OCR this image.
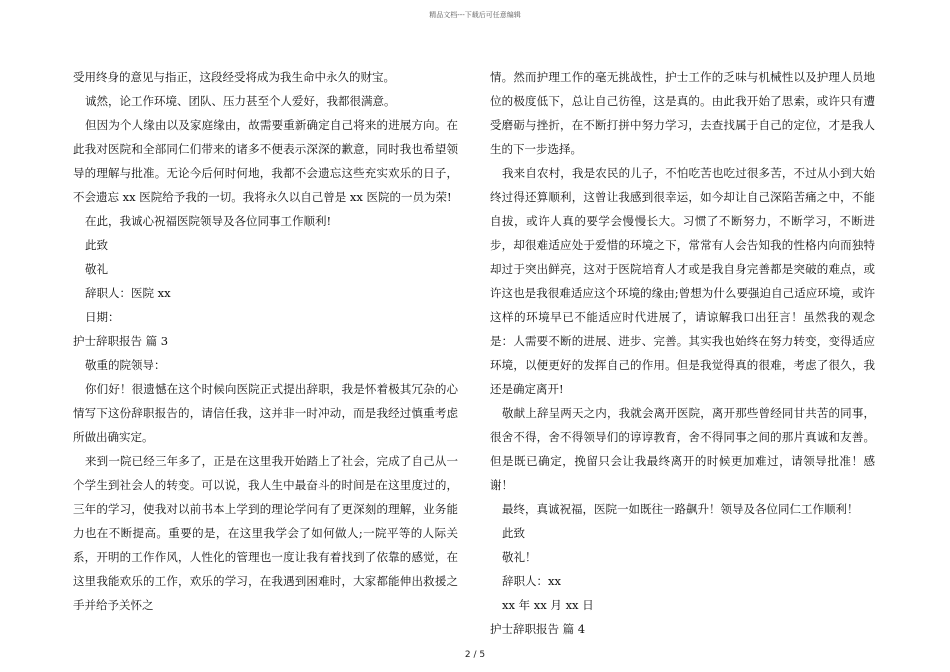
精品文档---下载后可任意编辑

受用终身的意见与指正，这段经受将成为我生命中永久的财宝。

诚然，论工作环境、团队、压力甚至个人爱好，我都很满意。

但因为个人缘由以及家庭缘由，故需要重新确定自己将来的进展方向。在此我对医院和全部同仁们带来的诸多不便表示深深的歉意，同时我也希望领导的理解与批准。无论今后何时何地，我都不会遗忘这些充实欢乐的日子，不会遗忘 xx 医院给予我的一切。我将永久以自己曾是 xx 医院的一员为荣!

在此，我诚心祝福医院领导及各位同事工作顺利!

此致

敬礼

辞职人：医院 xx

日期：

护士辞职报告 篇 3

敬重的院领导：

你们好！很遗憾在这个时候向医院正式提出辞职，我是怀着极其冗杂的心情写下这份辞职报告的，请信任我，这并非一时冲动，而是我经过慎重考虑所做出确实定。

来到一院已经三年多了，正是在这里我开始踏上了社会，完成了自己从一个学生到社会人的转变。可以说，我人生中最奋斗的时间是在这里度过的，三年的学习，使我对以前书本上学到的理论学问有了更深刻的理解，业务能力也在不断提高。重要的是，在这里我学会了如何做人;一院平等的人际关系，开明的工作作风，人性化的管理也一度让我有着找到了依靠的感觉，在这里我能欢乐的工作，欢乐的学习，在我遇到困难时，大家都能伸出救援之手并给予关怀之

情。然而护理工作的毫无挑战性，护士工作的乏味与机械性以及护理人员地位的极度低下，总让自己彷徨，这是真的。由此我开始了思索，或许只有遭受磨砺与挫折，在不断打拼中努力学习，去查找属于自己的定位，才是我人生的下一步选择。

我来自农村，我是农民的儿子，不怕吃苦也吃过很多苦，不过从小到大始终过得还算顺利，这曾让我感到很幸运，如今却让自己深陷苦痛之中，不能自拔，或许人真的要学会慢慢长大。习惯了不断努力，不断学习，不断进步，却很难适应处于爱惜的环境之下，常常有人会告知我的性格内向而独特却过于突出鲜亮，这对于医院培育人才或是我自身完善都是突破的难点，或许这也是我很难适应这个环境的缘由;曾想为什么要强迫自己适应环境，或许这样的环境早已不能适应时代进展了，请谅解我口出狂言！虽然我的观念是：人需要不断的进展、进步、完善。其实我也始终在努力转变，变得适应环境，以便更好的发挥自己的作用。但是我觉得真的很难，考虑了很久，我还是确定离开!

敬献上辞呈两天之内，我就会离开医院，离开那些曾经同甘共苦的同事，很舍不得，舍不得领导们的谆谆教育，舍不得同事之间的那片真诚和友善。但是既已确定，挽留只会让我最终离开的时候更加难过，请领导批准！感谢！

最终，真诚祝福，医院一如既往一路飙升！领导及各位同仁工作顺利！

此致

敬礼！

辞职人：xx

xx 年 xx 月 xx 日

护士辞职报告 篇 4

2 / 5
